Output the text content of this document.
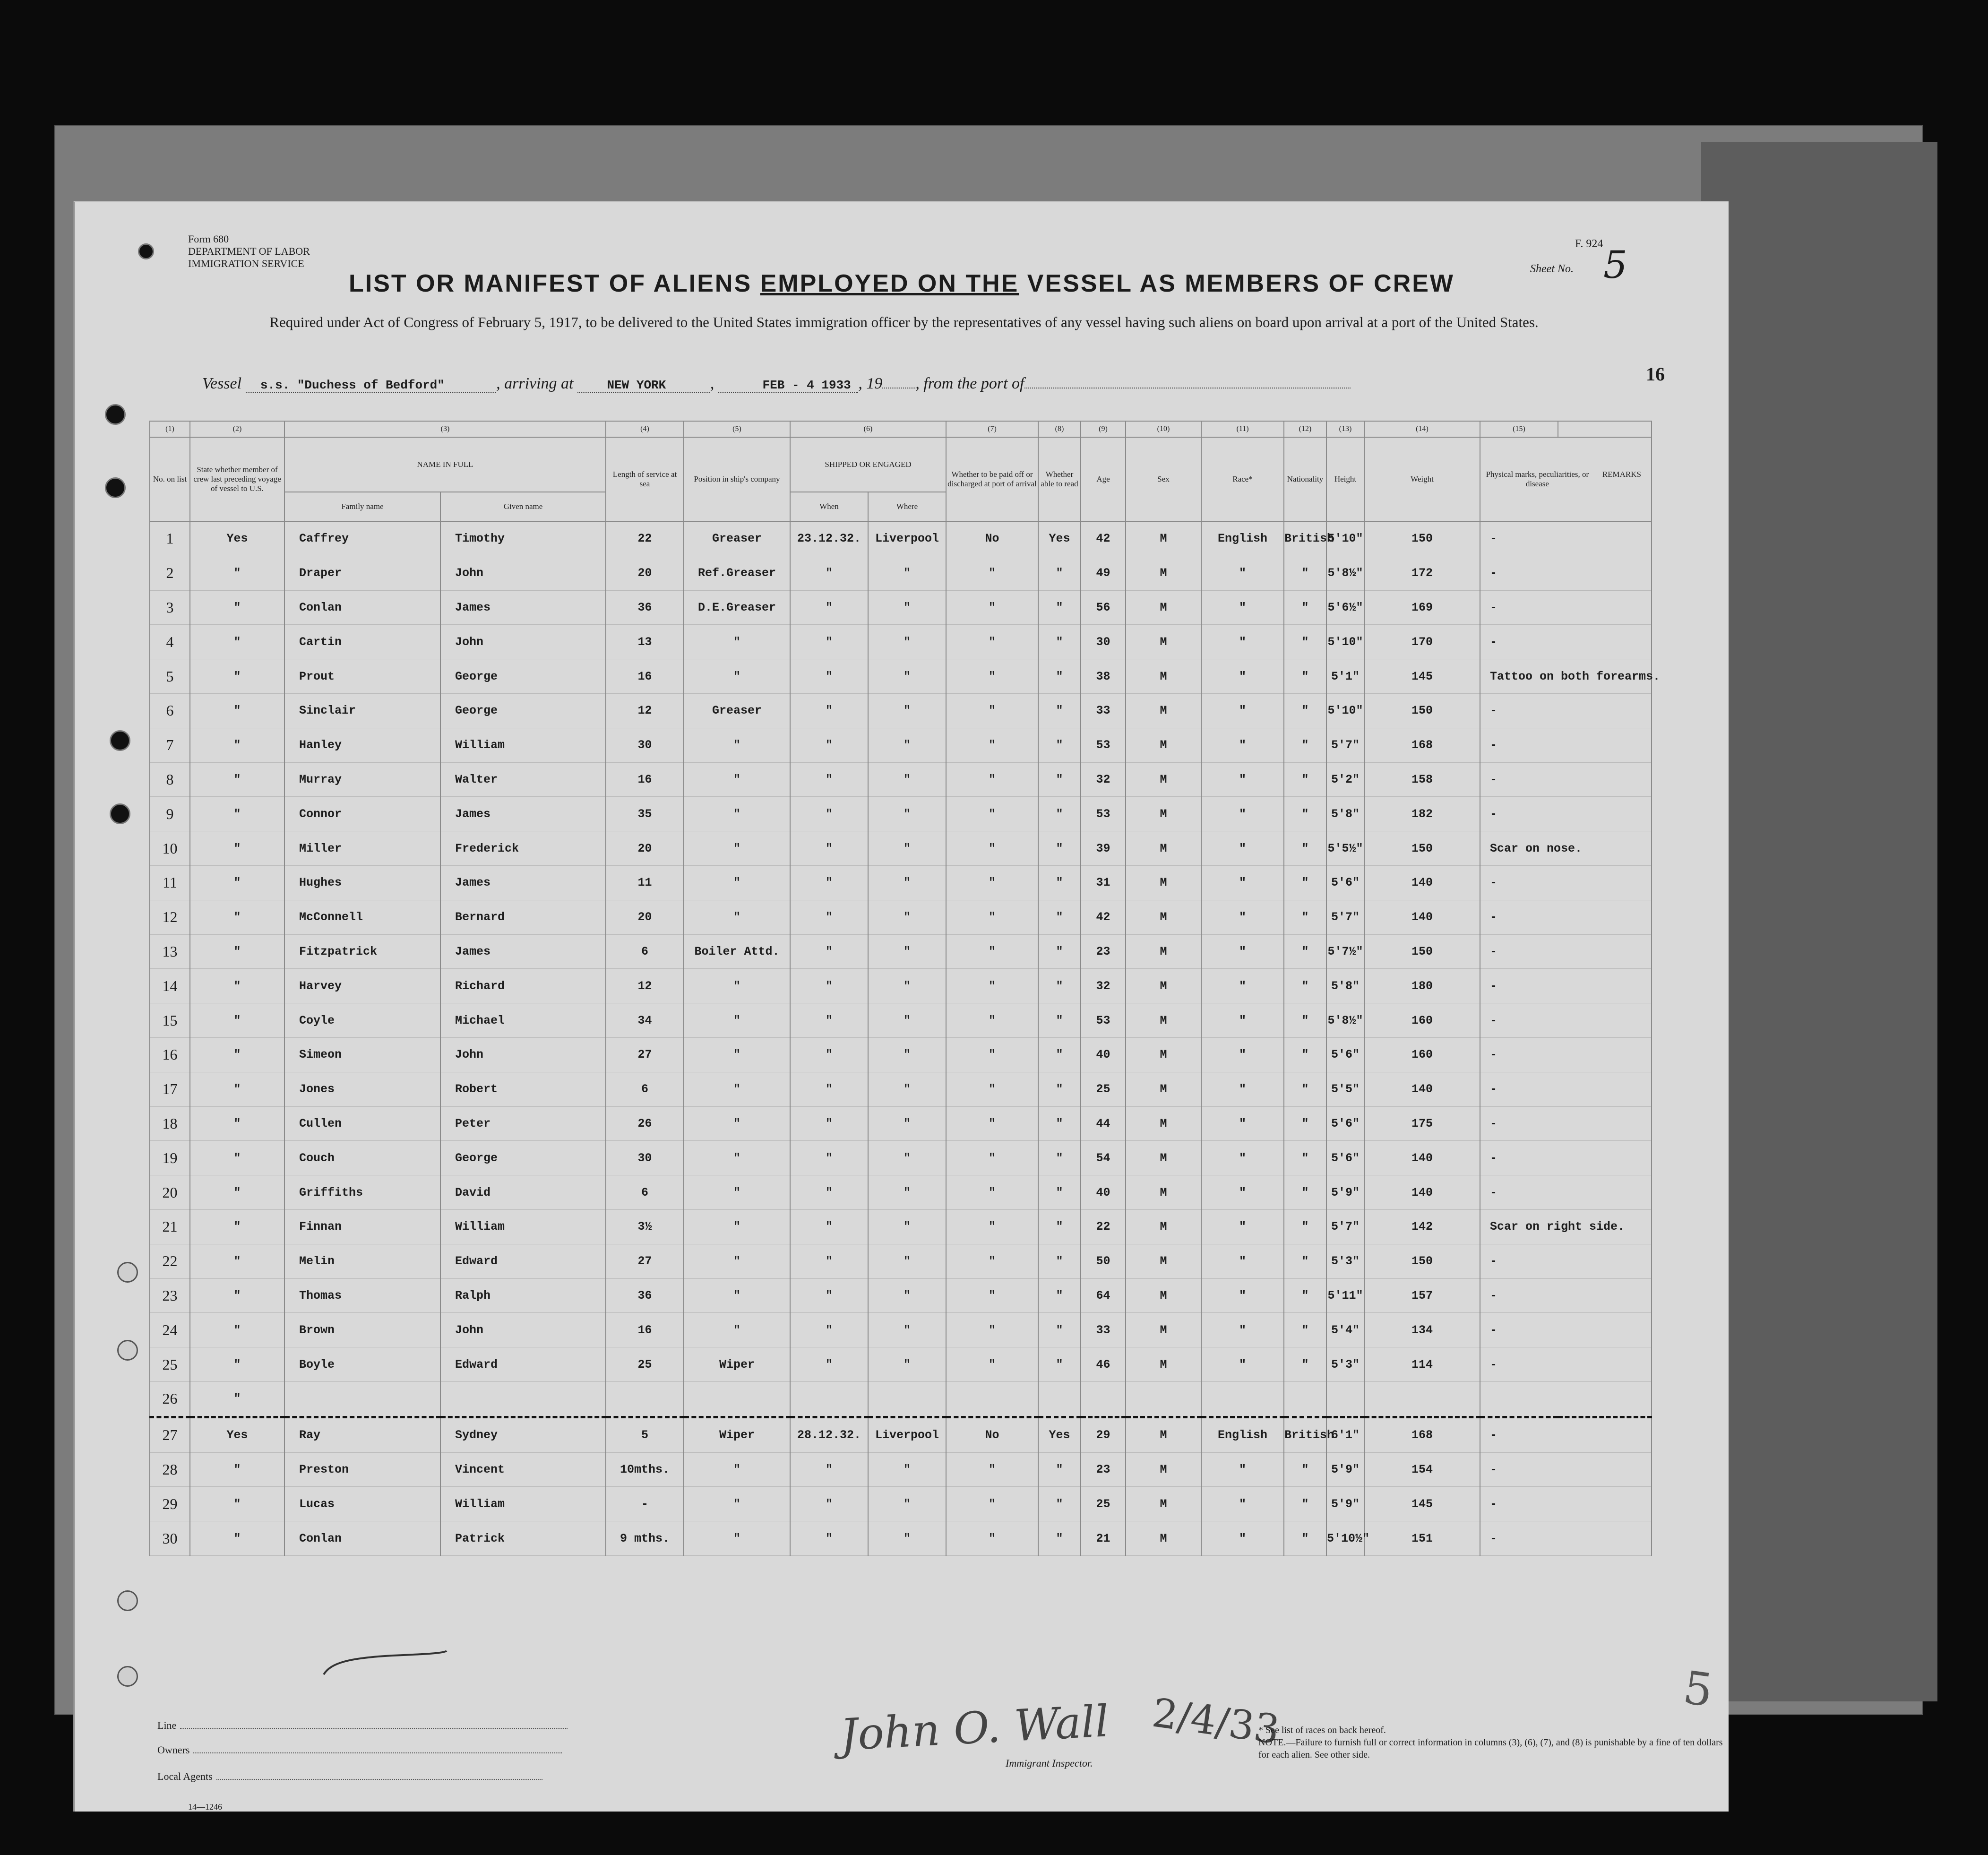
Form 680
DEPARTMENT OF LABOR
IMMIGRATION SERVICE
F. 924
Sheet No. 5
LIST OR MANIFEST OF ALIENS EMPLOYED ON THE VESSEL AS MEMBERS OF CREW
Required under Act of Congress of February 5, 1917, to be delivered to the United States immigration officer by the representatives of any vessel having such aliens on board upon arrival at a port of the United States.
Vessel s.s. "Duchess of Bedford"	, arriving at	NEW YORK	,	FEB - 4 1933 , 19 , from the port of	16
(1)	(2)	(3)		(4)	(5)	(6)		(7)	(8)	(9)	(10)	(11)	(12)	(13)	(14)	(15)	
No. on list	State whether member of crew last preceding voyage of vessel to U.S.	NAME IN FULL		Length of service at sea	Position in ship's company	SHIPPED OR ENGAGED		Whether to be paid off or discharged at port of arrival	Whether able to read	Age	Sex	Race*	Nationality	Height	Weight	Physical marks, peculiarities, or disease
REMARKS	

		Family name	Given name			When	Where										
1	Yes	Caffrey	Timothy	22	Greaser	23.12.32.	Liverpool	No	Yes	42	M	English	British	5'10"	150	-	
2	"	Draper	John	20	Ref.Greaser	"	"	"	"	49	M	"	"	5'8½"	172	-	
3	"	Conlan	James	36	D.E.Greaser	"	"	"	"	56	M	"	"	5'6½"	169	-	
4	"	Cartin	John	13	"	"	"	"	"	30	M	"	"	5'10"	170	-	
5	"	Prout	George	16	"	"	"	"	"	38	M	"	"	5'1"	145	Tattoo on both forearms.	
6	"	Sinclair	George	12	Greaser	"	"	"	"	33	M	"	"	5'10"	150	-	
7	"	Hanley	William	30	"	"	"	"	"	53	M	"	"	5'7"	168	-	
8	"	Murray	Walter	16	"	"	"	"	"	32	M	"	"	5'2"	158	-	
9	"	Connor	James	35	"	"	"	"	"	53	M	"	"	5'8"	182	-	
10	"	Miller	Frederick	20	"	"	"	"	"	39	M	"	"	5'5½"	150	Scar on nose.	
11	"	Hughes	James	11	"	"	"	"	"	31	M	"	"	5'6"	140	-	
12	"	McConnell	Bernard	20	"	"	"	"	"	42	M	"	"	5'7"	140	-	
13	"	Fitzpatrick	James	6	Boiler Attd.	"	"	"	"	23	M	"	"	5'7½"	150	-	
14	"	Harvey	Richard	12	"	"	"	"	"	32	M	"	"	5'8"	180	-	
15	"	Coyle	Michael	34	"	"	"	"	"	53	M	"	"	5'8½"	160	-	
16	"	Simeon	John	27	"	"	"	"	"	40	M	"	"	5'6"	160	-	
17	"	Jones	Robert	6	"	"	"	"	"	25	M	"	"	5'5"	140	-	
18	"	Cullen	Peter	26	"	"	"	"	"	44	M	"	"	5'6"	175	-	
19	"	Couch	George	30	"	"	"	"	"	54	M	"	"	5'6"	140	-	
20	"	Griffiths	David	6	"	"	"	"	"	40	M	"	"	5'9"	140	-	
21	"	Finnan	William	3½	"	"	"	"	"	22	M	"	"	5'7"	142	Scar on right side.	
22	"	Melin	Edward	27	"	"	"	"	"	50	M	"	"	5'3"	150	-	
23	"	Thomas	Ralph	36	"	"	"	"	"	64	M	"	"	5'11"	157	-	
24	"	Brown	John	16	"	"	"	"	"	33	M	"	"	5'4"	134	-	
25	"	Boyle	Edward	25	Wiper	"	"	"	"	46	M	"	"	5'3"	114	-	
26	"																
27	Yes	Ray	Sydney	5	Wiper	28.12.32.	Liverpool	No	Yes	29	M	English	British	6'1"	168	-	
28	"	Preston	Vincent	10mths.	"	"	"	"	"	23	M	"	"	5'9"	154	-	
29	"	Lucas	William	-	"	"	"	"	"	25	M	"	"	5'9"	145	-	
30	"	Conlan	Patrick	9 mths.	"	"	"	"	"	21	M	"	"	5'10½"	151	-	
Line
Owners
Local Agents
14—1246
John O. Wall 2/4/33
Immigrant Inspector.
* See list of races on back hereof.
NOTE.—Failure to furnish full or correct information in columns (3), (6), (7), and (8) is punishable by a fine of ten dollars for each alien. See other side.
5
